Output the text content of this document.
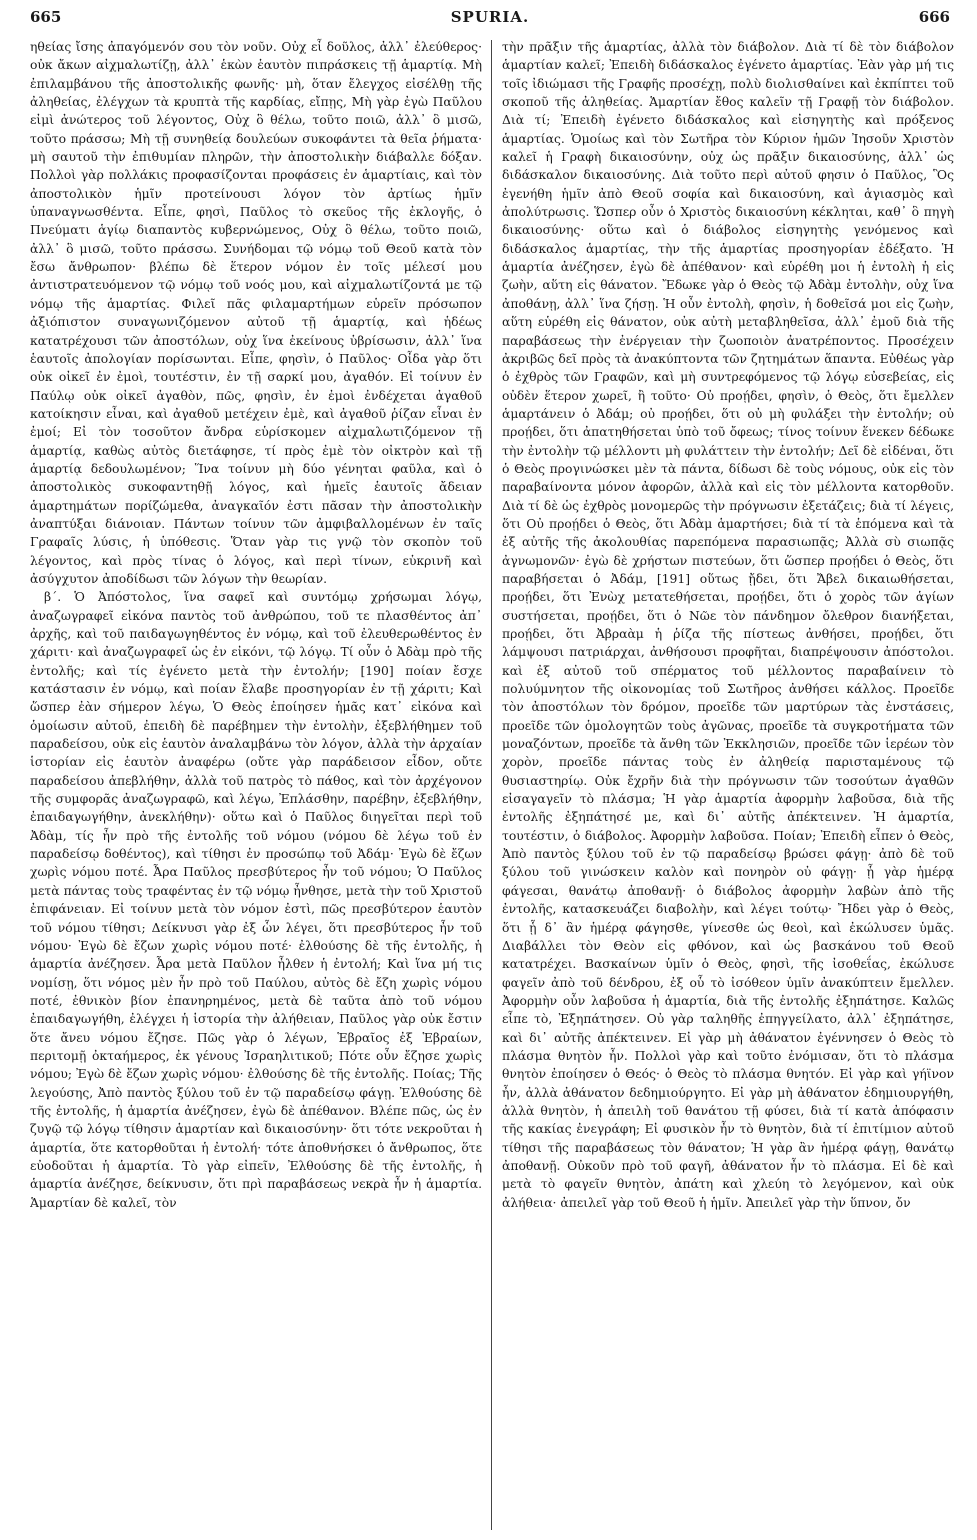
665	SPURIA.	666

ηθείας ἴσης ἀπαγόμενόν σου τὸν νοῦν. Οὐχ εἶ δοῦλος, ἀλλ᾽ ἐλεύθερος· οὐκ ἄκων αἰχμαλωτίζῃ, ἀλλ᾽ ἑκὼν ἑαυτὸν πιπράσκεις τῇ ἁμαρτίᾳ. Μὴ ἐπιλαμβάνου τῆς ἀποστολικῆς φωνῆς· μὴ, ὅταν ἔλεγχος εἰσέλθῃ τῆς ἀληθείας, ἐλέγχων τὰ κρυπτὰ τῆς καρδίας, εἴπῃς, Μὴ γὰρ ἐγὼ Παῦλου εἰμὶ ἀνώτερος τοῦ λέγοντος, Οὐχ ὃ θέλω, τοῦτο ποιῶ, ἀλλ᾽ ὃ μισῶ, τοῦτο πράσσω; Μὴ τῇ συνηθείᾳ δουλεύων συκοφάντει τὰ θεῖα ῥήματα· μὴ σαυτοῦ τὴν ἐπιθυμίαν πληρῶν, τὴν ἀποστολικὴν διάβαλλε δόξαν. Πολλοὶ γὰρ πολλάκις προφασίζονται προφάσεις ἐν ἁμαρτίαις, καὶ τὸν ἀποστολικὸν ἡμῖν προτείνουσι λόγον τὸν ἀρτίως ἡμῖν ὑπαναγνωσθέντα. Εἶπε, φησὶ, Παῦλος τὸ σκεῦος τῆς ἐκλογῆς, ὁ Πνεύματι ἁγίῳ διαπαντὸς κυβερνώμενος, Οὐχ ὃ θέλω, τοῦτο ποιῶ, ἀλλ᾽ ὃ μισῶ, τοῦτο πράσσω. Συνήδομαι τῷ νόμῳ τοῦ Θεοῦ κατὰ τὸν ἔσω ἄνθρωπον· βλέπω δὲ ἕτερον νόμον ἐν τοῖς μέλεσί μου ἀντιστρατευόμενον τῷ νόμῳ τοῦ νοός μου, καὶ αἰχμαλωτίζοντά με τῷ νόμῳ τῆς ἁμαρτίας. Φιλεῖ πᾶς φιλαμαρτήμων εὑρεῖν πρόσωπον ἀξιόπιστον συναγωνιζόμενον αὐτοῦ τῇ ἁμαρτίᾳ, καὶ ἡδέως κατατρέχουσι τῶν ἀποστόλων, οὐχ ἵνα ἐκείνους ὑβρίσωσιν, ἀλλ᾽ ἵνα ἑαυτοῖς ἀπολογίαν πορίσωνται. Εἶπε, φησὶν, ὁ Παῦλος· Οἶδα γὰρ ὅτι οὐκ οἰκεῖ ἐν ἐμοὶ, τουτέστιν, ἐν τῇ σαρκί μου, ἀγαθόν. Εἰ τοίνυν ἐν Παύλῳ οὐκ οἰκεῖ ἀγαθὸν, πῶς, φησὶν, ἐν ἐμοὶ ἐνδέχεται ἀγαθοῦ κατοίκησιν εἶναι, καὶ ἀγαθοῦ μετέχειν ἐμὲ, καὶ ἀγαθοῦ ῥίζαν εἶναι ἐν ἐμοί; Εἰ τὸν τοσοῦτον ἄνδρα εὑρίσκομεν αἰχμαλωτιζόμενον τῇ ἁμαρτίᾳ, καθὼς αὐτὸς διετάφησε, τί πρὸς ἐμὲ τὸν οἰκτρὸν καὶ τῇ ἁμαρτίᾳ δεδουλωμένον; Ἵνα τοίνυν μὴ δύο γένηται φαῦλα, καὶ ὁ ἀποστολικὸς συκοφαντηθῇ λόγος, καὶ ἡμεῖς ἑαυτοῖς ἄδειαν ἁμαρτημάτων πορίζώμεθα, ἀναγκαῖόν ἐστι πᾶσαν τὴν ἀποστολικὴν ἀναπτύξαι διάνοιαν. Πάντων τοίνυν τῶν ἀμφιβαλλομένων ἐν ταῖς Γραφαῖς λύσις, ἡ ὑπόθεσις. Ὅταν γὰρ τις γνῷ τὸν σκοπὸν τοῦ λέγοντος, καὶ πρὸς τίνας ὁ λόγος, καὶ περὶ τίνων, εὑκρινῆ καὶ ἀσύγχυτον ἀποδίδωσι τῶν λόγων τὴν θεωρίαν.

β΄. Ὁ Ἀπόστολος, ἵνα σαφεῖ καὶ συντόμῳ χρήσωμαι λόγῳ, ἀναζωγραφεῖ εἰκόνα παντὸς τοῦ ἀνθρώπου, τοῦ τε πλασθέντος ἀπ᾽ ἀρχῆς, καὶ τοῦ παιδαγωγηθέντος ἐν νόμῳ, καὶ τοῦ ἐλευθερωθέντος ἐν χάριτι· καὶ ἀναζωγραφεῖ ὡς ἐν εἰκόνι, τῷ λόγῳ. Τί οὖν ὁ Ἀδὰμ πρὸ τῆς ἐντολῆς; καὶ τίς ἐγένετο μετὰ τὴν ἐντολήν; [190] ποίαν ἔσχε κατάστασιν ἐν νόμῳ, καὶ ποίαν ἔλαβε προσηγορίαν ἐν τῇ χάριτι; Καὶ ὥσπερ ἐὰν σήμερον λέγω, Ὁ Θεὸς ἐποίησεν ἡμᾶς κατ᾽ εἰκόνα καὶ ὁμοίωσιν αὐτοῦ, ἐπειδὴ δὲ παρέβημεν τὴν ἐντολὴν, ἐξεβλήθημεν τοῦ παραδείσου, οὐκ εἰς ἑαυτὸν ἀναλαμβάνω τὸν λόγον, ἀλλὰ τὴν ἀρχαίαν ἱστορίαν εἰς ἑαυτὸν ἀναφέρω (οὔτε γὰρ παράδεισον εἶδον, οὔτε παραδείσου ἀπεβλήθην, ἀλλὰ τοῦ πατρὸς τὸ πάθος, καὶ τὸν ἀρχέγονον τῆς συμφορᾶς ἀναζωγραφῶ, καὶ λέγω, Ἐπλάσθην, παρέβην, ἐξεβλήθην, ἐπαιδαγωγήθην, ἀνεκλήθην)· οὕτω καὶ ὁ Παῦλος διηγεῖται περὶ τοῦ Ἀδὰμ, τίς ἦν πρὸ τῆς ἐντολῆς τοῦ νόμου (νόμου δὲ λέγω τοῦ ἐν παραδείσῳ δοθέντος), καὶ τίθησι ἐν προσώπῳ τοῦ Ἀδάμ· Ἐγὼ δὲ ἔζων χωρὶς νόμου ποτέ. Ἆρα Παῦλος πρεσβύτερος ἦν τοῦ νόμου; Ὁ Παῦλος μετὰ πάντας τοὺς τραφέντας ἐν τῷ νόμῳ ἦνθησε, μετὰ τὴν τοῦ Χριστοῦ ἐπιφάνειαν. Εἰ τοίνυν μετὰ τὸν νόμον ἐστὶ, πῶς πρεσβύτερον ἑαυτὸν τοῦ νόμου τίθησι; Δείκνυσι γὰρ ἐξ ὧν λέγει, ὅτι πρεσβύτερος ἦν τοῦ νόμου· Ἐγὼ δὲ ἔζων χωρὶς νόμου ποτέ· ἐλθούσης δὲ τῆς ἐντολῆς, ἡ ἁμαρτία ἀνέζησεν. Ἆρα μετὰ Παῦλον ἦλθεν ἡ ἐντολή; Καὶ ἵνα μή τις νομίσῃ, ὅτι νόμος μὲν ἦν πρὸ τοῦ Παύλου, αὐτὸς δὲ ἔζη χωρὶς νόμου ποτέ, ἐθνικὸν βίον ἐπανηρημένος, μετὰ δὲ ταῦτα ἀπὸ τοῦ νόμου ἐπαιδαγωγήθη, ἐλέγχει ἡ ἱστορία τὴν ἀλήθειαν, Παῦλος γὰρ οὐκ ἔστιν ὅτε ἄνευ νόμου ἔζησε. Πῶς γὰρ ὁ λέγων, Ἑβραῖος ἐξ Ἑβραίων, περιτομῇ ὀκταήμερος, ἐκ γένους Ἰσραηλιτικοῦ; Πότε οὖν ἔζησε χωρὶς νόμου; Ἐγὼ δὲ ἔζων χωρὶς νόμου· ἐλθούσης δὲ τῆς ἐντολῆς. Ποίας; Τῆς λεγούσης, Ἀπὸ παντὸς ξύλου τοῦ ἐν τῷ παραδείσῳ φάγῃ. Ἐλθούσης δὲ τῆς ἐντολῆς, ἡ ἁμαρτία ἀνέζησεν, ἐγὼ δὲ ἀπέθανον. Βλέπε πῶς, ὡς ἐν ζυγῷ τῷ λόγῳ τίθησιν ἁμαρτίαν καὶ δικαιοσύνην· ὅτι τότε νεκροῦται ἡ ἁμαρτία, ὅτε κατορθοῦται ἡ ἐντολή· τότε ἀποθνήσκει ὁ ἄνθρωπος, ὅτε εὐοδοῦται ἡ ἁμαρτία. Τὸ γὰρ εἰπεῖν, Ἐλθούσης δὲ τῆς ἐντολῆς, ἡ ἁμαρτία ἀνέζησε, δείκνυσιν, ὅτι πρὶ παραβάσεως νεκρὰ ἦν ἡ ἁμαρτία. Ἁμαρτίαν δὲ καλεῖ, τὸν

τὴν πρᾶξιν τῆς ἁμαρτίας, ἀλλὰ τὸν διάβολον. Διὰ τί δὲ τὸν διάβολον ἁμαρτίαν καλεῖ; Ἐπειδὴ διδάσκαλος ἐγένετο ἁμαρτίας. Ἐὰν γὰρ μή τις τοῖς ἰδιώμασι τῆς Γραφῆς προσέχῃ, πολὺ διολισθαίνει καὶ ἐκπίπτει τοῦ σκοποῦ τῆς ἀληθείας. Ἁμαρτίαν ἔθος καλεῖν τῇ Γραφῇ τὸν διάβολον. Διὰ τί; Ἐπειδὴ ἐγένετο διδάσκαλος καὶ εἰσηγητὴς καὶ πρόξενος ἁμαρτίας. Ὁμοίως καὶ τὸν Σωτῆρα τὸν Κύριον ἡμῶν Ἰησοῦν Χριστὸν καλεῖ ἡ Γραφὴ δικαιοσύνην, οὐχ ὡς πρᾶξιν δικαιοσύνης, ἀλλ᾽ ὡς διδάσκαλον δικαιοσύνης. Διὰ τοῦτο περὶ αὐτοῦ φησιν ὁ Παῦλος, Ὃς ἐγενήθη ἡμῖν ἀπὸ Θεοῦ σοφία καὶ δικαιοσύνη, καὶ ἁγιασμὸς καὶ ἀπολύτρωσις. Ὥσπερ οὖν ὁ Χριστὸς δικαιοσύνη κέκληται, καθ᾽ ὃ πηγὴ δικαιοσύνης· οὕτω καὶ ὁ διάβολος εἰσηγητὴς γενόμενος καὶ διδάσκαλος ἁμαρτίας, τὴν τῆς ἁμαρτίας προσηγορίαν ἐδέξατο. Ἡ ἁμαρτία ἀνέζησεν, ἐγὼ δὲ ἀπέθανον· καὶ εὑρέθη μοι ἡ ἐντολὴ ἡ εἰς ζωὴν, αὕτη εἰς θάνατον. Ἔδωκε γὰρ ὁ Θεὸς τῷ Ἀδὰμ ἐντολὴν, οὐχ ἵνα ἀποθάνῃ, ἀλλ᾽ ἵνα ζήσῃ. Ἡ οὖν ἐντολὴ, φησὶν, ἡ δοθεῖσά μοι εἰς ζωὴν, αὕτη εὑρέθη εἰς θάνατον, οὐκ αὐτὴ μεταβληθεῖσα, ἀλλ᾽ ἐμοῦ διὰ τῆς παραβάσεως τὴν ἐνέργειαν τὴν ζωοποιὸν ἀνατρέποντος. Προσέχειν ἀκριβῶς δεῖ πρὸς τὰ ἀνακύπτοντα τῶν ζητημάτων ἅπαντα. Εὐθέως γὰρ ὁ ἐχθρὸς τῶν Γραφῶν, καὶ μὴ συντρεφόμενος τῷ λόγῳ εὐσεβείας, εἰς οὐδὲν ἕτερον χωρεῖ, ἢ τοῦτο· Οὐ προῄδει, φησὶν, ὁ Θεὸς, ὅτι ἔμελλεν ἁμαρτάνειν ὁ Ἀδάμ; οὐ προῄδει, ὅτι οὐ μὴ φυλάξει τὴν ἐντολήν; οὐ προῄδει, ὅτι ἀπατηθήσεται ὑπὸ τοῦ ὄφεως; τίνος τοίνυν ἕνεκεν δέδωκε τὴν ἐντολὴν τῷ μέλλοντι μὴ φυλάττειν τὴν ἐντολήν; Δεῖ δὲ εἰδέναι, ὅτι ὁ Θεὸς προγινώσκει μὲν τὰ πάντα, δίδωσι δὲ τοὺς νόμους, οὐκ εἰς τὸν παραβαίνοντα μόνον ἀφορῶν, ἀλλὰ καὶ εἰς τὸν μέλλοντα κατορθοῦν. Διὰ τί δὲ ὡς ἐχθρὸς μονομερῶς τὴν πρόγνωσιν ἐξετάζεις; διὰ τί λέγεις, ὅτι Οὐ προῄδει ὁ Θεὸς, ὅτι Ἀδὰμ ἁμαρτήσει; διὰ τί τὰ ἑπόμενα καὶ τὰ ἐξ αὐτῆς τῆς ἀκολουθίας παρεπόμενα παρασιωπᾷς; Ἀλλὰ σὺ σιωπᾷς ἀγνωμονῶν· ἐγὼ δὲ χρήστων πιστεύων, ὅτι ὥσπερ προῄδει ὁ Θεὸς, ὅτι παραβήσεται ὁ Ἀδάμ, [191] οὕτως ᾔδει, ὅτι Ἄβελ δικαιωθήσεται, προῄδει, ὅτι Ἐνὼχ μετατεθήσεται, προῄδει, ὅτι ὁ χορὸς τῶν ἁγίων συστήσεται, προῄδει, ὅτι ὁ Νῶε τὸν πάνδημον ὄλεθρον διανήξεται, προῄδει, ὅτι Ἀβραὰμ ἡ ῥίζα τῆς πίστεως ἀνθήσει, προῄδει, ὅτι λάμψουσι πατριάρχαι, ἀνθήσουσι προφῆται, διαπρέψουσιν ἀπόστολοι. καὶ ἐξ αὐτοῦ τοῦ σπέρματος τοῦ μέλλοντος παραβαίνειν τὸ πολυύμνητον τῆς οἰκονομίας τοῦ Σωτῆρος ἀνθήσει κάλλος. Προεῖδε τὸν ἀποστόλων τὸν δρόμον, προεῖδε τῶν μαρτύρων τὰς ἐνστάσεις, προεῖδε τῶν ὁμολογητῶν τοὺς ἀγῶνας, προεῖδε τὰ συγκροτήματα τῶν μοναζόντων, προεῖδε τὰ ἄνθη τῶν Ἐκκλησιῶν, προεῖδε τῶν ἱερέων τὸν χορὸν, προεῖδε πάντας τοὺς ἐν ἀληθείᾳ παρισταμένους τῷ θυσιαστηρίῳ. Οὐκ ἔχρῆν διὰ τὴν πρόγνωσιν τῶν τοσούτων ἀγαθῶν εἰσαγαγεῖν τὸ πλάσμα; Ἡ γὰρ ἁμαρτία ἀφορμὴν λαβοῦσα, διὰ τῆς ἐντολῆς ἐξηπάτησέ με, καὶ δι᾽ αὐτῆς ἀπέκτεινεν. Ἡ ἁμαρτία, τουτέστιν, ὁ διάβολος. Ἀφορμὴν λαβοῦσα. Ποίαν; Ἐπειδὴ εἶπεν ὁ Θεὸς, Ἀπὸ παντὸς ξύλου τοῦ ἐν τῷ παραδείσῳ βρώσει φάγῃ· ἀπὸ δὲ τοῦ ξύλου τοῦ γινώσκειν καλὸν καὶ πονηρὸν οὐ φάγῃ· ᾗ γὰρ ἡμέρᾳ φάγεσαι, θανάτῳ ἀποθανῇ· ὁ διάβολος ἀφορμὴν λαβὼν ἀπὸ τῆς ἐντολῆς, κατασκευάζει διαβολὴν, καὶ λέγει τούτῳ· Ἤδει γὰρ ὁ Θεὸς, ὅτι ᾗ δ᾽ ἂν ἡμέρᾳ φάγησθε, γίνεσθε ὡς θεοὶ, καὶ ἐκώλυσεν ὑμᾶς. Διαβάλλει τὸν Θεὸν εἰς φθόνον, καὶ ὡς βασκάνου τοῦ Θεοῦ κατατρέχει. Βασκαίνων ὑμῖν ὁ Θεὸς, φησὶ, τῆς ἰσοθεΐας, ἐκώλυσε φαγεῖν ἀπὸ τοῦ δένδρου, ἐξ οὗ τὸ ἰσόθεον ὑμῖν ἀνακύπτειν ἔμελλεν. Ἀφορμὴν οὖν λαβοῦσα ἡ ἁμαρτία, διὰ τῆς ἐντολῆς ἐξηπάτησε. Καλῶς εἶπε τὸ, Ἐξηπάτησεν. Οὐ γὰρ ταληθῆς ἐπηγγείλατο, ἀλλ᾽ ἐξηπάτησε, καὶ δι᾽ αὐτῆς ἀπέκτεινεν. Εἰ γὰρ μὴ ἀθάνατον ἐγέννησεν ὁ Θεὸς τὸ πλάσμα θνητὸν ἦν. Πολλοὶ γὰρ καὶ τοῦτο ἐνόμισαν, ὅτι τὸ πλάσμα θνητὸν ἐποίησεν ὁ Θεός· ὁ Θεὸς τὸ πλάσμα θνητόν. Εἰ γὰρ καὶ γήϊνον ἦν, ἀλλὰ ἀθάνατον δεδημιούργητο. Εἰ γὰρ μὴ ἀθάνατον ἐδημιουργήθη, ἀλλὰ θνητὸν, ἡ ἀπειλὴ τοῦ θανάτου τῇ φύσει, διὰ τί κατὰ ἀπόφασιν τῆς κακίας ἐνεγράφη; Εἰ φυσικὸν ἦν τὸ θνητὸν, διὰ τί ἐπιτίμιον αὐτοῦ τίθησι τῆς παραβάσεως τὸν θάνατον; Ἡ γὰρ ἂν ἡμέρᾳ φάγῃ, θανάτῳ ἀποθανῇ. Οὐκοῦν πρὸ τοῦ φαγῆ, ἀθάνατον ἦν τὸ πλάσμα. Εἰ δὲ καὶ μετὰ τὸ φαγεῖν θνητὸν, ἀπάτη καὶ χλεύη τὸ λεγόμενον, καὶ οὐκ ἀλήθεια· ἀπειλεῖ γὰρ τοῦ Θεοῦ ἡ ἡμῖν. Ἀπειλεῖ γὰρ τὴν ὕπνον, ὄν
